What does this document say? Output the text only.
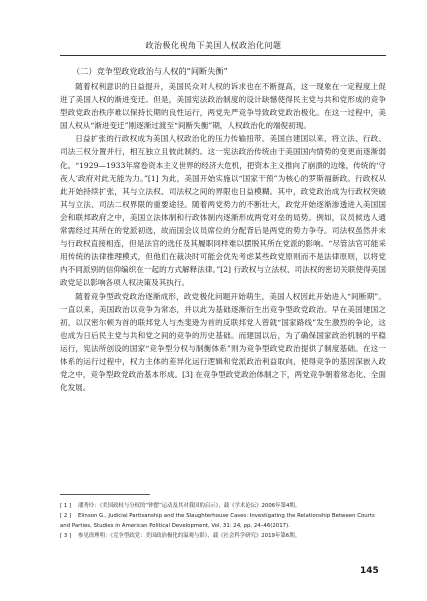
政治极化视角下美国人权政治化问题
（二）竞争型政党政治与人权的“间断失衡”

随着权利意识的日益提升，美国民众对人权的诉求也在不断提高，这一现象在一定程度上促进了美国人权的渐进变迁。但是，美国宪法政治制度的设计缺憾使得民主党与共和党形成的竞争型政党政治秩序难以保持长期的良性运行，两党先严竞争导致政党政治极化。在这一过程中，美国人权从“渐进变迁”刚逐渐过渡至“间断失衡”期，人权政治化的端倪初现。

日益扩张的行政权成为美国人权政治化的压力传输扭带。美国自建国以来，将立法、行政、司法三权分置并行，相互独立且彼此制约。这一宪法政治传统由于美国国内情势的变更而逐渐弱化。“1929—1933年席卷资本主义世界的经济大危机，把资本主义推向了崩溃的边缘，传统的‘守夜人’政府对此无能为力。”[1] 为此，美国开始实施以“国家干预”为核心的罗斯福新政。行政权从此开始持续扩张，其与立法权、司法权之间的界限也日益模糊。其中，政党政治成为行政权突破其与立法、司法二权界限的重要途径。随着两党势力的不断壮大，政党开始逐渐渗透进入美国国会和联邦政府之中，美国立法体制和行政体制内逐渐形成两党对垒的局势。例如，议员候选人通常需经过其所在的党派初选，故而国会议员席位的分配背后是两党的势力争夺。司法权虽然并未与行政权直接相连，但是法官的选任及其履职同样难以摆脱其所在党派的影响。“尽管法官可能采用传统的法律推理模式，但他们在裁决时可能会优先考虑某些政党原则而不是法律原则，以将党内不同派别的信仰编织在一起的方式解释法律。”[2] 行政权与立法权、司法权的密切关联使得美国政党足以影响各项人权决策及其执行。

随着竞争型政党政治逐渐成形，政党极化问题开始萌生，美国人权因此开始进入“间断期”。一直以来，美国政治以竞争为常态，并以此为基础逐渐衍生出竞争型政党政治。早在美国建国之初，以汉密尔顿为首的联邦党人与杰斐逊为首的反联邦党人曾就“国家路线”发生激烈的争论，这也成为日后民主党与共和党之间的竞争的历史基础。而建国以后，为了确保国家政治机制的平稳运行，宪法所创设的国家“竞争型分权与制衡体系”则为竞争型政党政治提供了制度基础。在这一体系的运行过程中，权力主体的差异化运行逻辑和党派政治利益取向，使得竞争的基因深嵌入政党之中，竞争型政党政治基本形成。[3] 在竞争型政党政治体制之下，两党竞争朝着常态化、全面化发展。

[ 1 ] 潘秀玲：《美国政权与分权的“钟摆”运动及其对我国的启示》，载《学术论坛》2006年第4期。
[ 2 ] Elinson G., Judicial Partisanship and the Slaughterhouse Cases: Investigating the Relationship Between Courts and Parties, Studies in American Political Development, Vol. 31: 24, pp. 24–46(2017).
[ 3 ] 参见徐理明：《竞争型政党：美国政治极化的溢观与影》，载《社会科学研究》2019年第6期。
145
